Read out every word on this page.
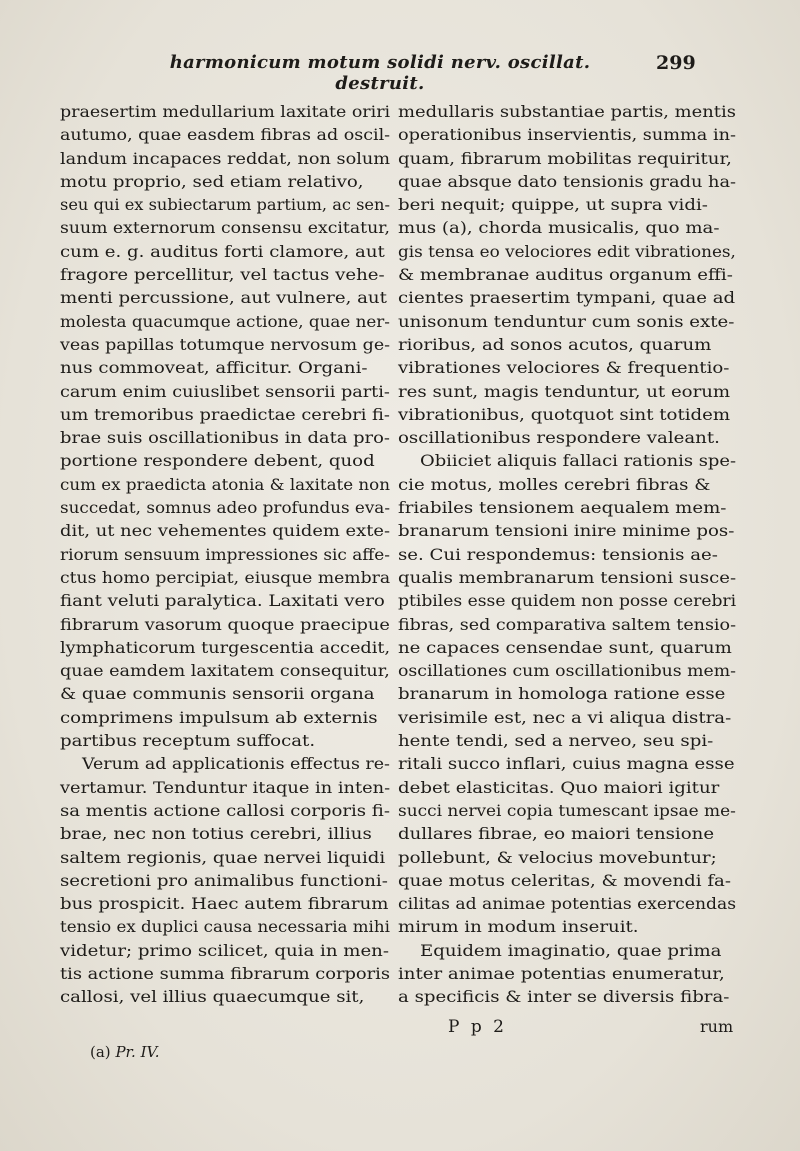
harmonicum motum solidi nerv. oscillat. destruit.
299
praesertim medullarium laxitate oriri
autumo, quae easdem fibras ad oscil-
landum incapaces reddat, non solum
motu proprio, sed etiam relativo,
seu qui ex subiectarum partium, ac sen-
suum externorum consensu excitatur,
cum e. g. auditus forti clamore, aut
fragore percellitur, vel tactus vehe-
menti percussione, aut vulnere, aut
molesta quacumque actione, quae ner-
veas papillas totumque nervosum ge-
nus commoveat, afficitur. Organi-
carum enim cuiuslibet sensorii parti-
um tremoribus praedictae cerebri fi-
brae suis oscillationibus in data pro-
portione respondere debent, quod
cum ex praedicta atonia & laxitate non
succedat, somnus adeo profundus eva-
dit, ut nec vehementes quidem exte-
riorum sensuum impressiones sic affe-
ctus homo percipiat, eiusque membra
fiant veluti paralytica. Laxitati vero
fibrarum vasorum quoque praecipue
lymphaticorum turgescentia accedit,
quae eamdem laxitatem consequitur,
& quae communis sensorii organa
comprimens impulsum ab externis
partibus receptum suffocat.
Verum ad applicationis effectus re-
vertamur. Tenduntur itaque in inten-
sa mentis actione callosi corporis fi-
brae, nec non totius cerebri, illius
saltem regionis, quae nervei liquidi
secretioni pro animalibus functioni-
bus prospicit. Haec autem fibrarum
tensio ex duplici causa necessaria mihi
videtur; primo scilicet, quia in men-
tis actione summa fibrarum corporis
callosi, vel illius quaecumque sit,
medullaris substantiae partis, mentis
operationibus inservientis, summa in-
quam, fibrarum mobilitas requiritur,
quae absque dato tensionis gradu ha-
beri nequit; quippe, ut supra vidi-
mus (a), chorda musicalis, quo ma-
gis tensa eo velociores edit vibrationes,
& membranae auditus organum effi-
cientes praesertim tympani, quae ad
unisonum tenduntur cum sonis exte-
rioribus, ad sonos acutos, quarum
vibrationes velociores & frequentio-
res sunt, magis tenduntur, ut eorum
vibrationibus, quotquot sint totidem
oscillationibus respondere valeant.
Obiiciet aliquis fallaci rationis spe-
cie motus, molles cerebri fibras &
friabiles tensionem aequalem mem-
branarum tensioni inire minime pos-
se. Cui respondemus: tensionis ae-
qualis membranarum tensioni susce-
ptibiles esse quidem non posse cerebri
fibras, sed comparativa saltem tensio-
ne capaces censendae sunt, quarum
oscillationes cum oscillationibus mem-
branarum in homologa ratione esse
verisimile est, nec a vi aliqua distra-
hente tendi, sed a nerveo, seu spi-
ritali succo inflari, cuius magna esse
debet elasticitas. Quo maiori igitur
succi nervei copia tumescant ipsae me-
dullares fibrae, eo maiori tensione
pollebunt, & velocius movebuntur;
quae motus celeritas, & movendi fa-
cilitas ad animae potentias exercendas
mirum in modum inseruit.
Equidem imaginatio, quae prima
inter animae potentias enumeratur,
a specificis & inter se diversis fibra-
P p 2	rum
(a) Pr. IV.
